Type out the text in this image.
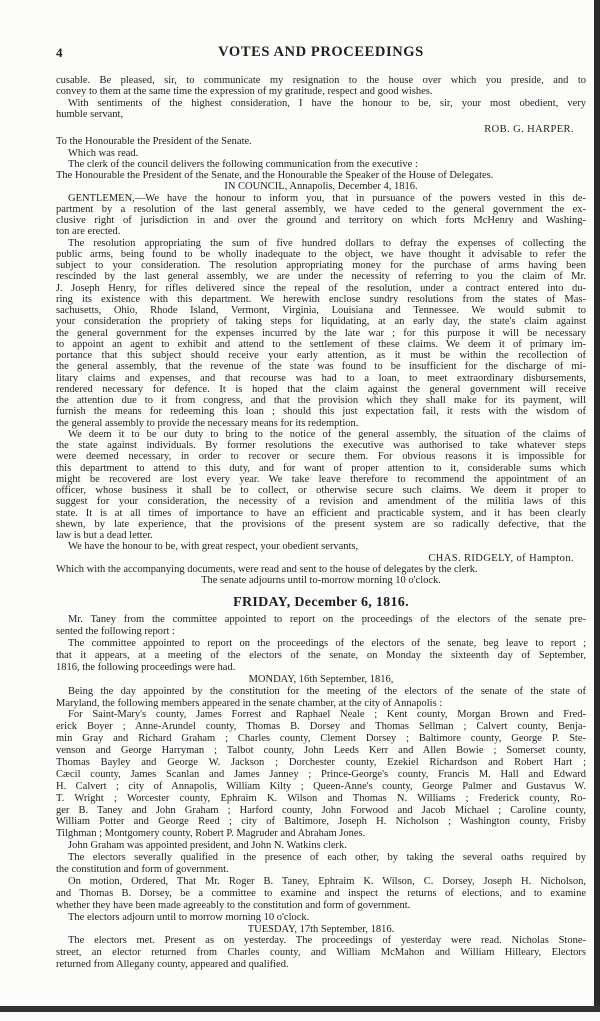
4	VOTES AND PROCEEDINGS
cusable. Be pleased, sir, to communicate my resignation to the house over which you preside, and to
convey to them at the same time the expression of my gratitude, respect and good wishes.
With sentiments of the highest consideration, I have the honour to be, sir, your most obedient, very
humble servant,
ROB. G. HARPER.
To the Honourable the President of the Senate.
Which was read.
The clerk of the council delivers the following communication from the executive :
The Honourable the President of the Senate, and the Honourable the Speaker of the House of Delegates.
IN COUNCIL, Annapolis, December 4, 1816.
GENTLEMEN,—We have the honour to inform you, that in pursuance of the powers vested in this de-
partment by a resolution of the last general assembly, we have ceded to the general government the ex-
clusive right of jurisdiction in and over the ground and territory on which forts McHenry and Washing-
ton are erected.
The resolution appropriating the sum of five hundred dollars to defray the expenses of collecting the
public arms, being found to be wholly inadequate to the object, we have thought it advisable to refer the
subject to your consideration. The resolution appropriating money for the purchase of arms having been
rescinded by the last general assembly, we are under the necessity of referring to you the claim of Mr.
J. Joseph Henry, for rifles delivered since the repeal of the resolution, under a contract entered into du-
ring its existence with this department. We herewith enclose sundry resolutions from the states of Mas-
sachusetts, Ohio, Rhode Island, Vermont, Virginia, Louisiana and Tennessee. We would submit to
your consideration the propriety of taking steps for liquidating, at an early day, the state's claim against
the general government for the expenses incurred by the late war ; for this purpose it will be necessary
to appoint an agent to exhibit and attend to the settlement of these claims. We deem it of primary im-
portance that this subject should receive your early attention, as it must be within the recollection of
the general assembly, that the revenue of the state was found to be insufficient for the discharge of mi-
litary claims and expenses, and that recourse was had to a loan, to meet extraordinary disbursements,
rendered necessary for defence. It is hoped that the claim against the general government will receive
the attention due to it from congress, and that the provision which they shall make for its payment, will
furnish the means for redeeming this loan ; should this just expectation fail, it rests with the wisdom of
the general assembly to provide the necessary means for its redemption.
We deem it to be our duty to bring to the notice of the general assembly, the situation of the claims of
the state against individuals. By former resolutions the executive was authorised to take whatever steps
were deemed necessary, in order to recover or secure them. For obvious reasons it is impossible for
this department to attend to this duty, and for want of proper attention to it, considerable sums which
might be recovered are lost every year. We take leave therefore to recommend the appointment of an
officer, whose business it shall be to collect, or otherwise secure such claims. We deem it proper to
suggest for your consideration, the necessity of a revision and amendment of the militia laws of this
state. It is at all times of importance to have an efficient and practicable system, and it has been clearly
shewn, by late experience, that the provisions of the present system are so radically defective, that the
law is but a dead letter.
We have the honour to be, with great respect, your obedient servants,
CHAS. RIDGELY, of Hampton.
Which with the accompanying documents, were read and sent to the house of delegates by the clerk.
The senate adjourns until to-morrow morning 10 o'clock.
FRIDAY, December 6, 1816.
Mr. Taney from the committee appointed to report on the proceedings of the electors of the senate pre-
sented the following report :
The committee appointed to report on the proceedings of the electors of the senate, beg leave to report ;
that it appears, at a meeting of the electors of the senate, on Monday the sixteenth day of September,
1816, the following proceedings were had.
MONDAY, 16th September, 1816,
Being the day appointed by the constitution for the meeting of the electors of the senate of the state of
Maryland, the following members appeared in the senate chamber, at the city of Annapolis :
For Saint-Mary's county, James Forrest and Raphael Neale ; Kent county, Morgan Brown and Fred-
erick Boyer ; Anne-Arundel county, Thomas B. Dorsey and Thomas Sellman ; Calvert county, Benja-
min Gray and Richard Graham ; Charles county, Clement Dorsey ; Baltimore county, George P. Ste-
venson and George Harryman ; Talbot county, John Leeds Kerr and Allen Bowie ; Somerset county,
Thomas Bayley and George W. Jackson ; Dorchester county, Ezekiel Richardson and Robert Hart ;
Cæcil county, James Scanlan and James Janney ; Prince-George's county, Francis M. Hall and Edward
H. Calvert ; city of Annapolis, William Kilty ; Queen-Anne's county, George Palmer and Gustavus W.
T. Wright ; Worcester county, Ephraim K. Wilson and Thomas N. Williams ; Frederick county, Ro-
ger B. Taney and John Graham ; Harford county, John Forwood and Jacob Michael ; Caroline county,
William Potter and George Reed ; city of Baltimore, Joseph H. Nicholson ; Washington county, Frisby
Tilghman ; Montgomery county, Robert P. Magruder and Abraham Jones.
John Graham was appointed president, and John N. Watkins clerk.
The electors severally qualified in the presence of each other, by taking the several oaths required by
the constitution and form of government.
On motion, Ordered, That Mr. Roger B. Taney, Ephraim K. Wilson, C. Dorsey, Joseph H. Nicholson,
and Thomas B. Dorsey, be a committee to examine and inspect the returns of elections, and to examine
whether they have been made agreeably to the constitution and form of government.
The electors adjourn until to morrow morning 10 o'clock.
TUESDAY, 17th September, 1816.
The electors met. Present as on yesterday. The proceedings of yesterday were read. Nicholas Stone-
street, an elector returned from Charles county, and William McMahon and William Hilleary, Electors
returned from Allegany county, appeared and qualified.
